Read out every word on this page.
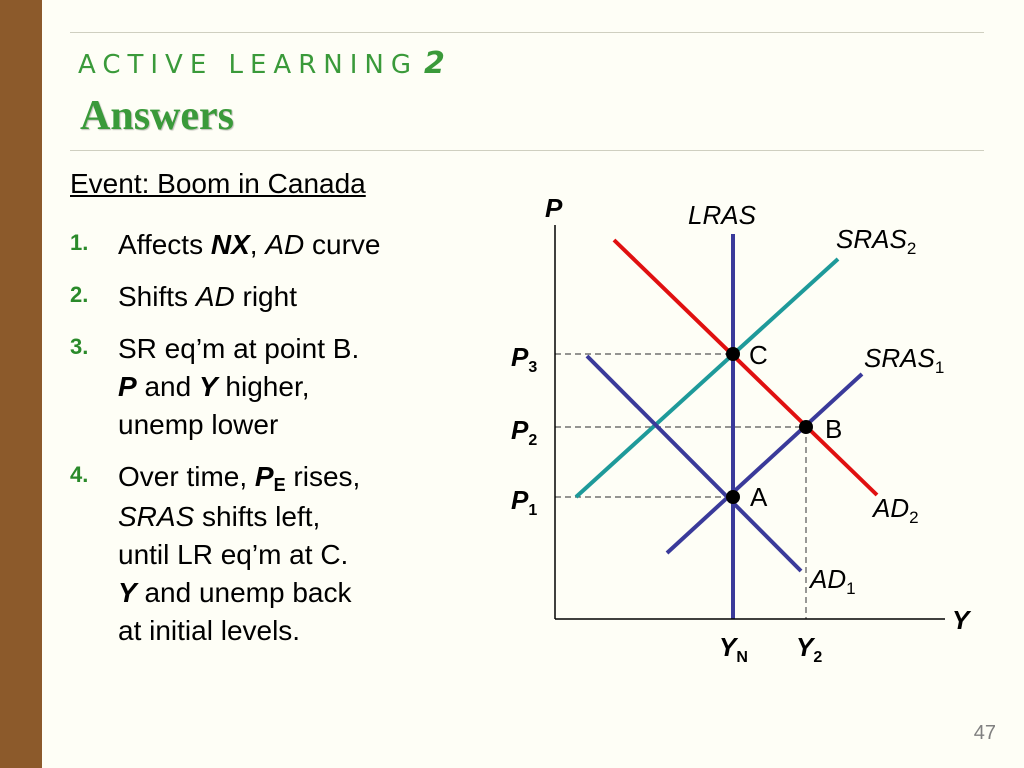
ACTIVE LEARNING 2
Answers
Event: Boom in Canada
1. Affects NX, AD curve
2. Shifts AD right
3. SR eq’m at point B.
P and Y higher,
unemp lower
4. Over time, PE rises,
SRAS shifts left,
until LR eq’m at C.
Y and unemp back
at initial levels.
47
P
Y
LRAS
$SRAS_2$
$SRAS_1$
$AD_2$
$AD_1$
$P_3$
$P_2$
$P_1$
$Y_N$ $Y_2$
C
B
A
